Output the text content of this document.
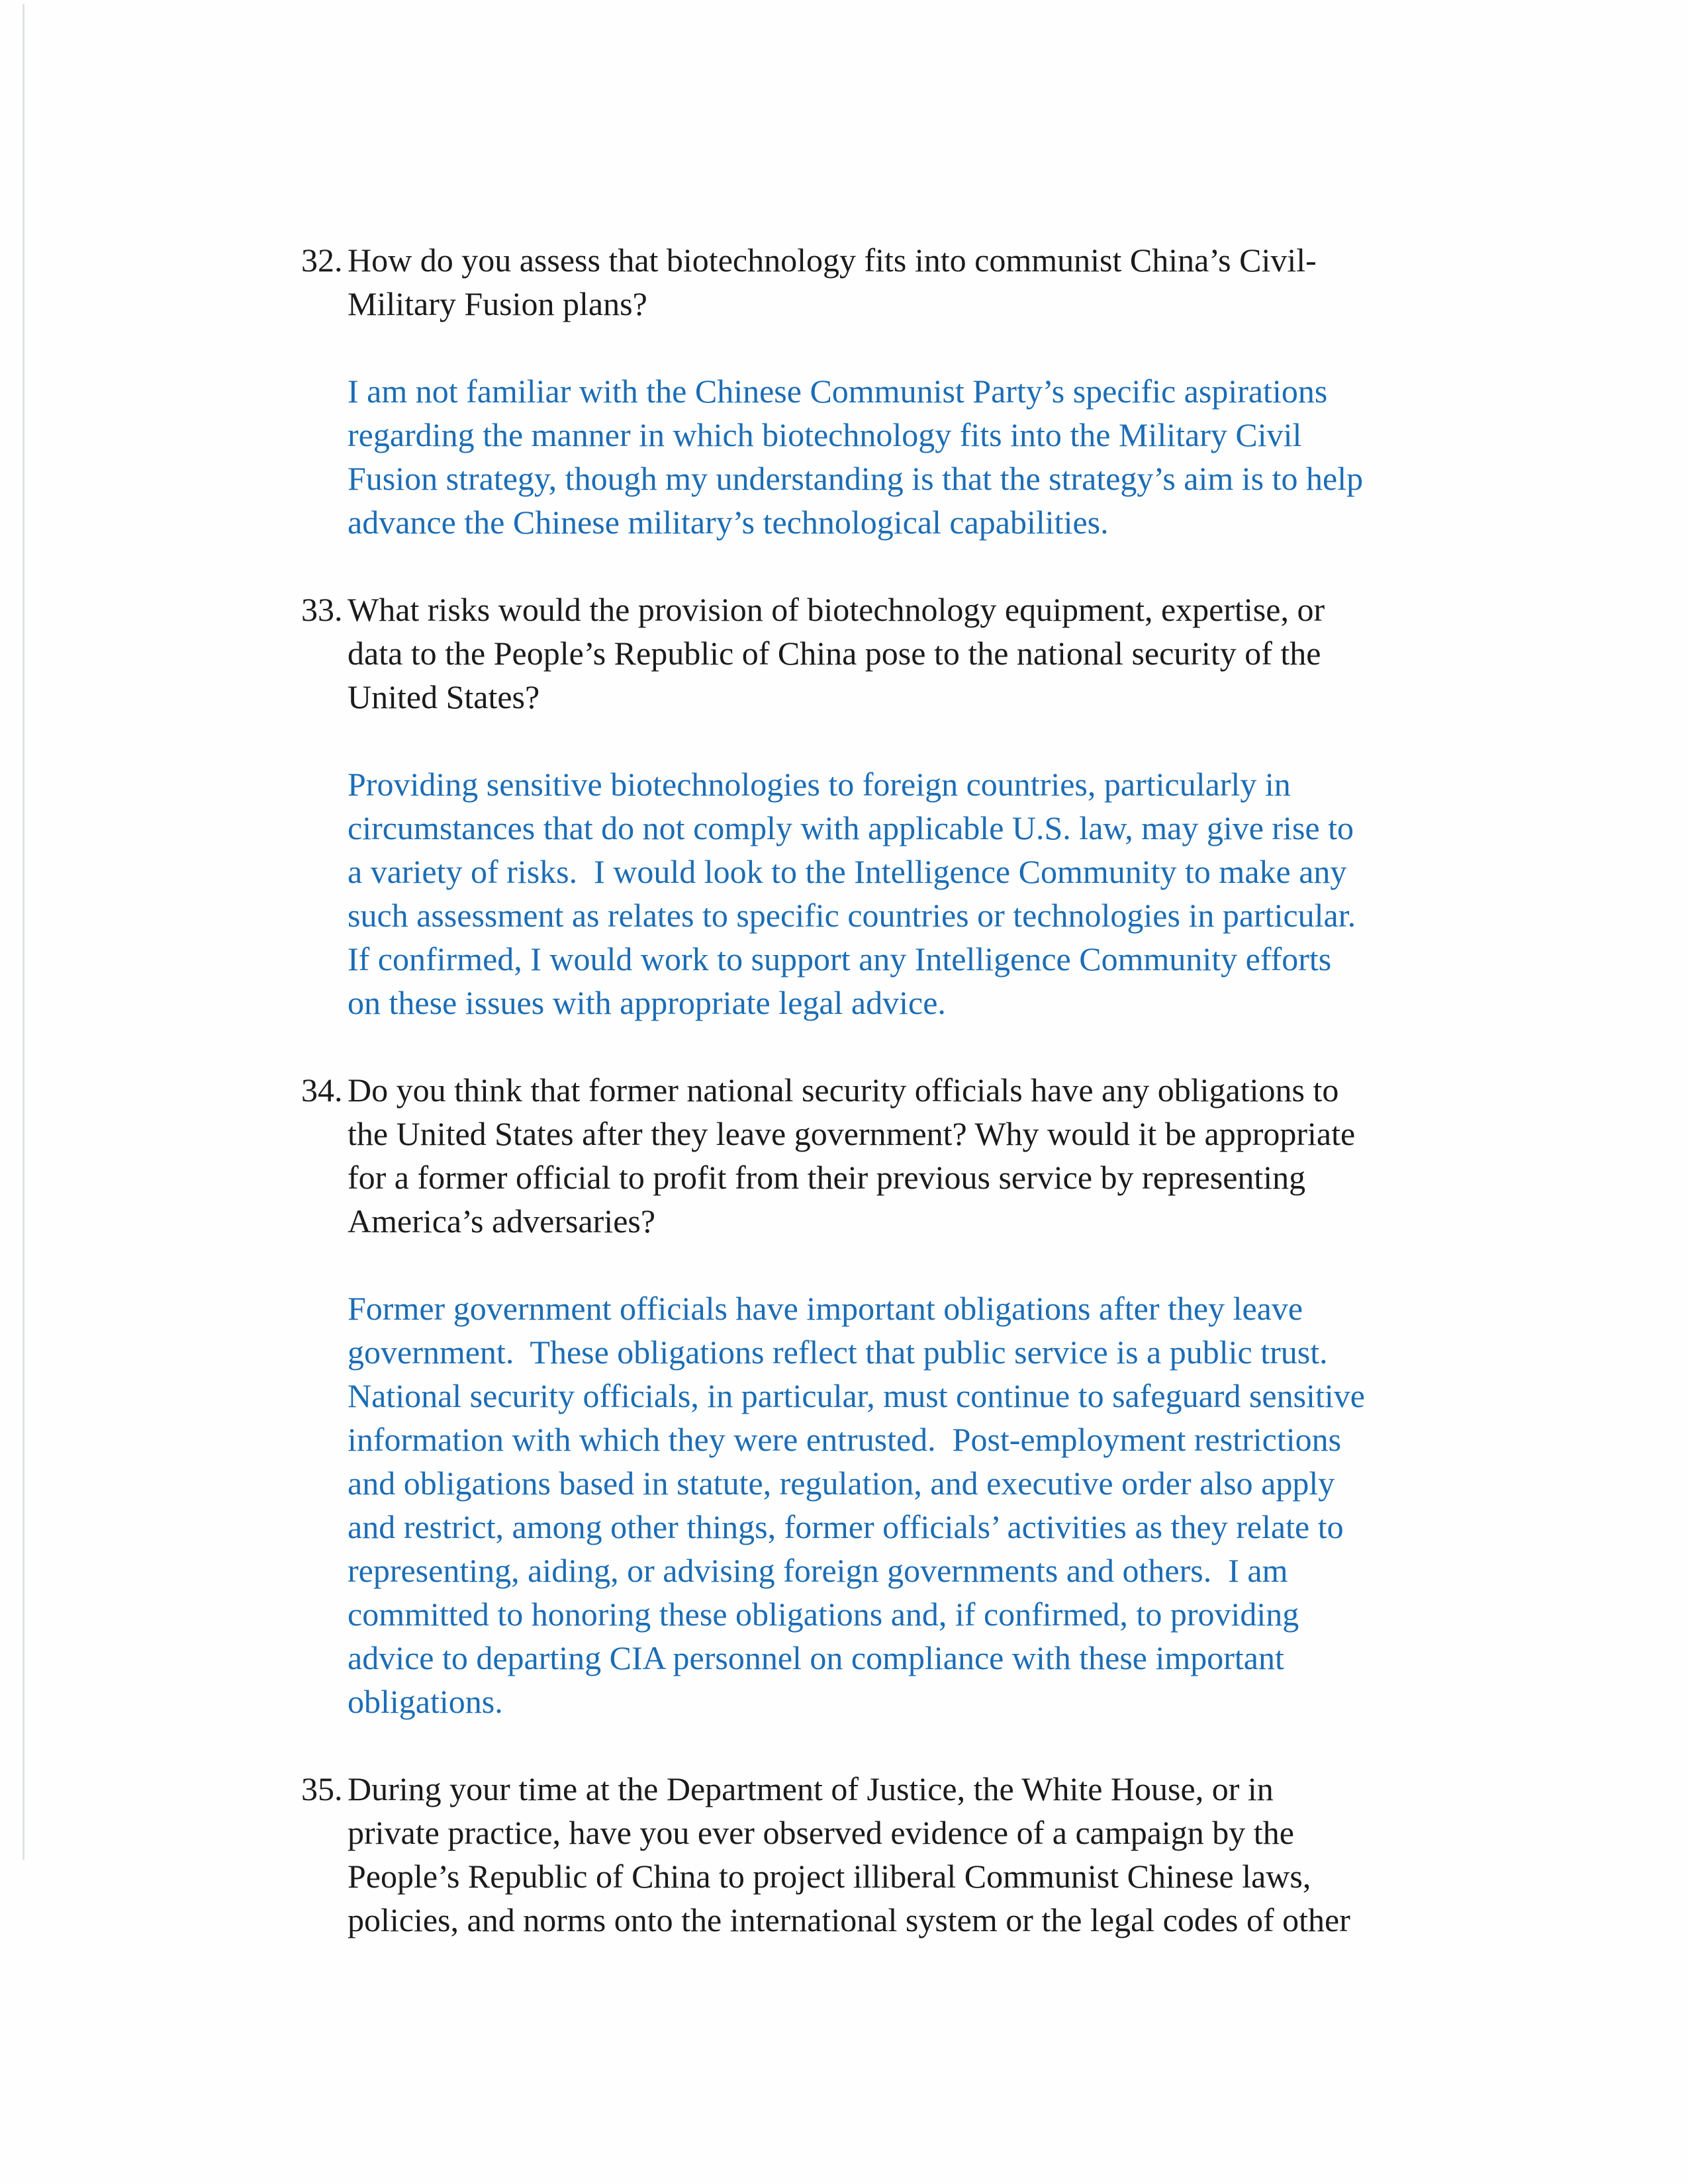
32. How do you assess that biotechnology fits into communist China’s Civil-
Military Fusion plans?
I am not familiar with the Chinese Communist Party’s specific aspirations
regarding the manner in which biotechnology fits into the Military Civil
Fusion strategy, though my understanding is that the strategy’s aim is to help
advance the Chinese military’s technological capabilities.
33. What risks would the provision of biotechnology equipment, expertise, or
data to the People’s Republic of China pose to the national security of the
United States?
Providing sensitive biotechnologies to foreign countries, particularly in
circumstances that do not comply with applicable U.S. law, may give rise to
a variety of risks.  I would look to the Intelligence Community to make any
such assessment as relates to specific countries or technologies in particular.
If confirmed, I would work to support any Intelligence Community efforts
on these issues with appropriate legal advice.
34. Do you think that former national security officials have any obligations to
the United States after they leave government? Why would it be appropriate
for a former official to profit from their previous service by representing
America’s adversaries?
Former government officials have important obligations after they leave
government.  These obligations reflect that public service is a public trust.
National security officials, in particular, must continue to safeguard sensitive
information with which they were entrusted.  Post-employment restrictions
and obligations based in statute, regulation, and executive order also apply
and restrict, among other things, former officials’ activities as they relate to
representing, aiding, or advising foreign governments and others.  I am
committed to honoring these obligations and, if confirmed, to providing
advice to departing CIA personnel on compliance with these important
obligations.
35. During your time at the Department of Justice, the White House, or in
private practice, have you ever observed evidence of a campaign by the
People’s Republic of China to project illiberal Communist Chinese laws,
policies, and norms onto the international system or the legal codes of other
